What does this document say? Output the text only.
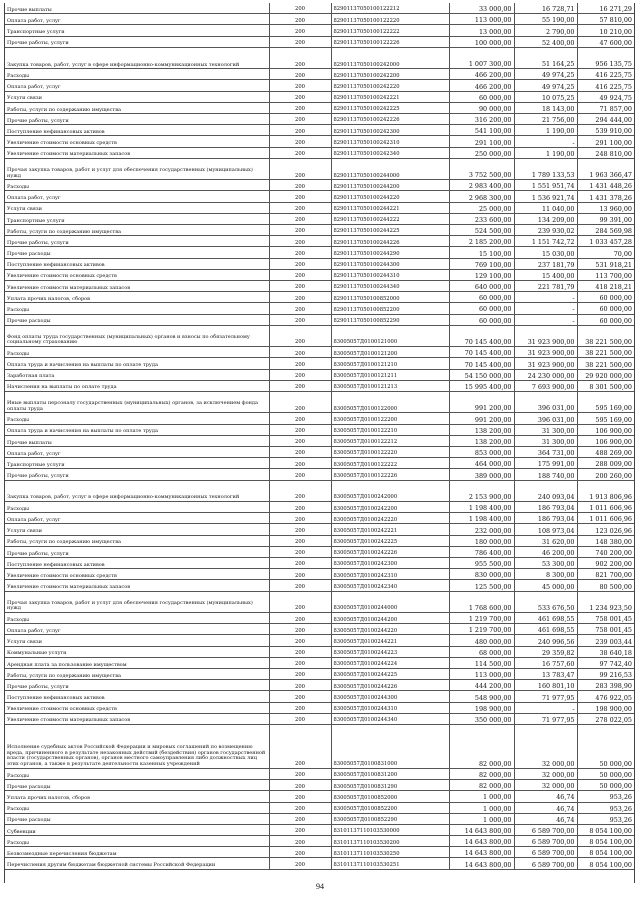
Прочие выплаты	200	82901137050100122212	33 000,00	16 728,71	16 271,29
Оплата работ, услуг	200	82901137050100122220	113 000,00	55 190,00	57 810,00
Транспортные услуги	200	82901137050100122222	13 000,00	2 790,00	10 210,00
Прочие работы, услуги	200	82901137050100122226	100 000,00	52 400,00	47 600,00
Закупка товаров, работ, услуг в сфере информационно-коммуникационных технологий	200	82901137050100242000	1 007 300,00	51 164,25	956 135,75
Расходы	200	82901137050100242200	466 200,00	49 974,25	416 225,75
Оплата работ, услуг	200	82901137050100242220	466 200,00	49 974,25	416 225,75
Услуги связи	200	82901137050100242221	60 000,00	10 075,25	49 924,75
Работы, услуги по содержанию имущества	200	82901137050100242225	90 000,00	18 143,00	71 857,00
Прочие работы, услуги	200	82901137050100242226	316 200,00	21 756,00	294 444,00
Поступление нефинансовых активов	200	82901137050100242300	541 100,00	1 190,00	539 910,00
Увеличение стоимости основных средств	200	82901137050100242310	291 100,00	-	291 100,00
Увеличение стоимости материальных запасов	200	82901137050100242340	250 000,00	1 190,00	248 810,00
Прочая закупка товаров, работ и услуг для обеспечения государственных (муниципальных) нужд	200	82901137050100244000	3 752 500,00	1 789 133,53	1 963 366,47
Расходы	200	82901137050100244200	2 983 400,00	1 551 951,74	1 431 448,26
Оплата работ, услуг	200	82901137050100244220	2 968 300,00	1 536 921,74	1 431 378,26
Услуги связи	200	82901137050100244221	25 000,00	11 040,00	13 960,00
Транспортные услуги	200	82901137050100244222	233 600,00	134 209,00	99 391,00
Работы, услуги по содержанию имущества	200	82901137050100244225	524 500,00	239 930,02	284 569,98
Прочие работы, услуги	200	82901137050100244226	2 185 200,00	1 151 742,72	1 033 457,28
Прочие расходы	200	82901137050100244290	15 100,00	15 030,00	70,00
Поступление нефинансовых активов	200	82901137050100244300	769 100,00	237 181,79	531 918,21
Увеличение стоимости основных средств	200	82901137050100244310	129 100,00	15 400,00	113 700,00
Увеличение стоимости материальных запасов	200	82901137050100244340	640 000,00	221 781,79	418 218,21
Уплата прочих налогов, сборов	200	82901137050100852000	60 000,00	-	60 000,00
Расходы	200	82901137050100852200	60 000,00	-	60 000,00
Прочие расходы	200	82901137050100852290	60 000,00	-	60 000,00
Фонд оплаты труда государственных (муниципальных) органов и взносы по обязательному социальному страхованию	200	83005057Д0100121000	70 145 400,00	31 923 900,00	38 221 500,00
Расходы	200	83005057Д0100121200	70 145 400,00	31 923 900,00	38 221 500,00
Оплата труда и начисления на выплаты по оплате труда	200	83005057Д0100121210	70 145 400,00	31 923 900,00	38 221 500,00
Заработная плата	200	83005057Д0100121211	54 150 000,00	24 230 000,00	29 920 000,00
Начисления на выплаты по оплате труда	200	83005057Д0100121213	15 995 400,00	7 693 900,00	8 301 500,00
Иные выплаты персоналу государственных (муниципальных) органов, за исключением фонда оплаты труда	200	83005057Д0100122000	991 200,00	396 031,00	595 169,00
Расходы	200	83005057Д0100122200	991 200,00	396 031,00	595 169,00
Оплата труда и начисления на выплаты по оплате труда	200	83005057Д0100122210	138 200,00	31 300,00	106 900,00
Прочие выплаты	200	83005057Д0100122212	138 200,00	31 300,00	106 900,00
Оплата работ, услуг	200	83005057Д0100122220	853 000,00	364 731,00	488 269,00
Транспортные услуги	200	83005057Д0100122222	464 000,00	175 991,00	288 009,00
Прочие работы, услуги	200	83005057Д0100122226	389 000,00	188 740,00	200 260,00
Закупка товаров, работ, услуг в сфере информационно-коммуникационных технологий	200	83005057Д0100242000	2 153 900,00	240 093,04	1 913 806,96
Расходы	200	83005057Д0100242200	1 198 400,00	186 793,04	1 011 606,96
Оплата работ, услуг	200	83005057Д0100242220	1 198 400,00	186 793,04	1 011 606,96
Услуги связи	200	83005057Д0100242221	232 000,00	108 973,04	123 026,96
Работы, услуги по содержанию имущества	200	83005057Д0100242225	180 000,00	31 620,00	148 380,00
Прочие работы, услуги	200	83005057Д0100242226	786 400,00	46 200,00	740 200,00
Поступление нефинансовых активов	200	83005057Д0100242300	955 500,00	53 300,00	902 200,00
Увеличение стоимости основных средств	200	83005057Д0100242310	830 000,00	8 300,00	821 700,00
Увеличение стоимости материальных запасов	200	83005057Д0100242340	125 500,00	45 000,00	80 500,00
Прочая закупка товаров, работ и услуг для обеспечения государственных (муниципальных) нужд	200	83005057Д0100244000	1 768 600,00	533 676,50	1 234 923,50
Расходы	200	83005057Д0100244200	1 219 700,00	461 698,55	758 001,45
Оплата работ, услуг	200	83005057Д0100244220	1 219 700,00	461 698,55	758 001,45
Услуги связи	200	83005057Д0100244221	480 000,00	240 996,56	239 003,44
Коммунальные услуги	200	83005057Д0100244223	68 000,00	29 359,82	38 640,18
Арендная плата за пользование имуществом	200	83005057Д0100244224	114 500,00	16 757,60	97 742,40
Работы, услуги по содержанию имущества	200	83005057Д0100244225	113 000,00	13 783,47	99 216,53
Прочие работы, услуги	200	83005057Д0100244226	444 200,00	160 801,10	283 398,90
Поступление нефинансовых активов	200	83005057Д0100244300	548 900,00	71 977,95	476 922,05
Увеличение стоимости основных средств	200	83005057Д0100244310	198 900,00	-	198 900,00
Увеличение стоимости материальных запасов	200	83005057Д0100244340	350 000,00	71 977,95	278 022,05
Исполнение судебных актов Российской Федерации и мировых соглашений по возмещению вреда, причиненного в результате незаконных действий (бездействия) органов государственной власти (государственных органов), органов местного самоуправления либо должностных лиц этих органов, а также в результате деятельности казенных учреждений	200	83005057Д0100831000	82 000,00	32 000,00	50 000,00
Расходы	200	83005057Д0100831200	82 000,00	32 000,00	50 000,00
Прочие расходы	200	83005057Д0100831290	82 000,00	32 000,00	50 000,00
Уплата прочих налогов, сборов	200	83005057Д0100852000	1 000,00	46,74	953,26
Расходы	200	83005057Д0100852200	1 000,00	46,74	953,26
Прочие расходы	200	83005057Д0100852290	1 000,00	46,74	953,26
Субвенции	200	83101137110103530000	14 643 800,00	6 589 700,00	8 054 100,00
Расходы	200	83101137110103530200	14 643 800,00	6 589 700,00	8 054 100,00
Безвозмездные перечисления бюджетам	200	83101137110103530250	14 643 800,00	6 589 700,00	8 054 100,00
Перечисления другим бюджетам бюджетной системы Российской Федерации	200	83101137110103530251	14 643 800,00	6 589 700,00	8 054 100,00
94
